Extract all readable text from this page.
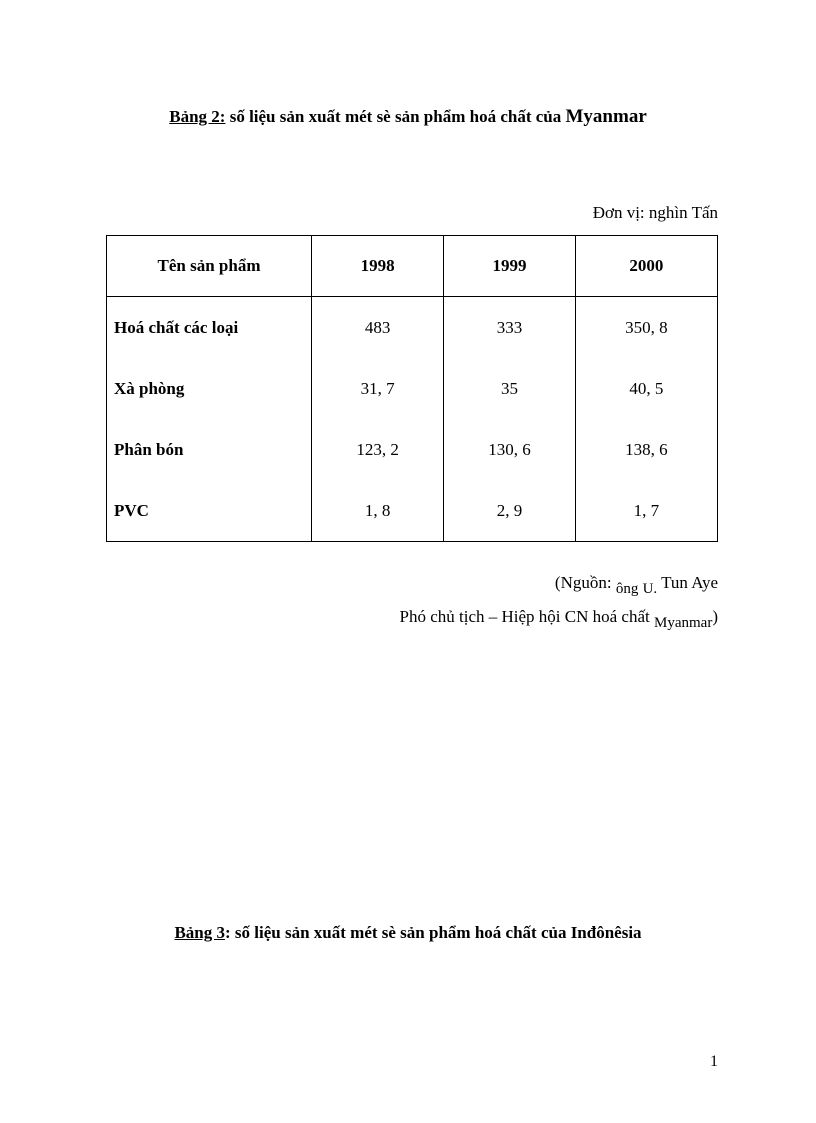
Bảng 2: số liệu sản xuất mét sè sản phẩm hoá chất của Myanmar
Đơn vị: nghìn Tấn
Tên sản phẩm	1998	1999	2000
Hoá chất các loại	483	333	350, 8
Xà phòng	31, 7	35	40, 5
Phân bón	123, 2	130, 6	138, 6
PVC	1, 8	2, 9	1, 7
(Nguồn: ông U. Tun Aye
Phó chủ tịch – Hiệp hội CN hoá chất Myanmar)
Bảng 3: số liệu sản xuất mét sè sản phẩm hoá chất của Inđônêsia
1
